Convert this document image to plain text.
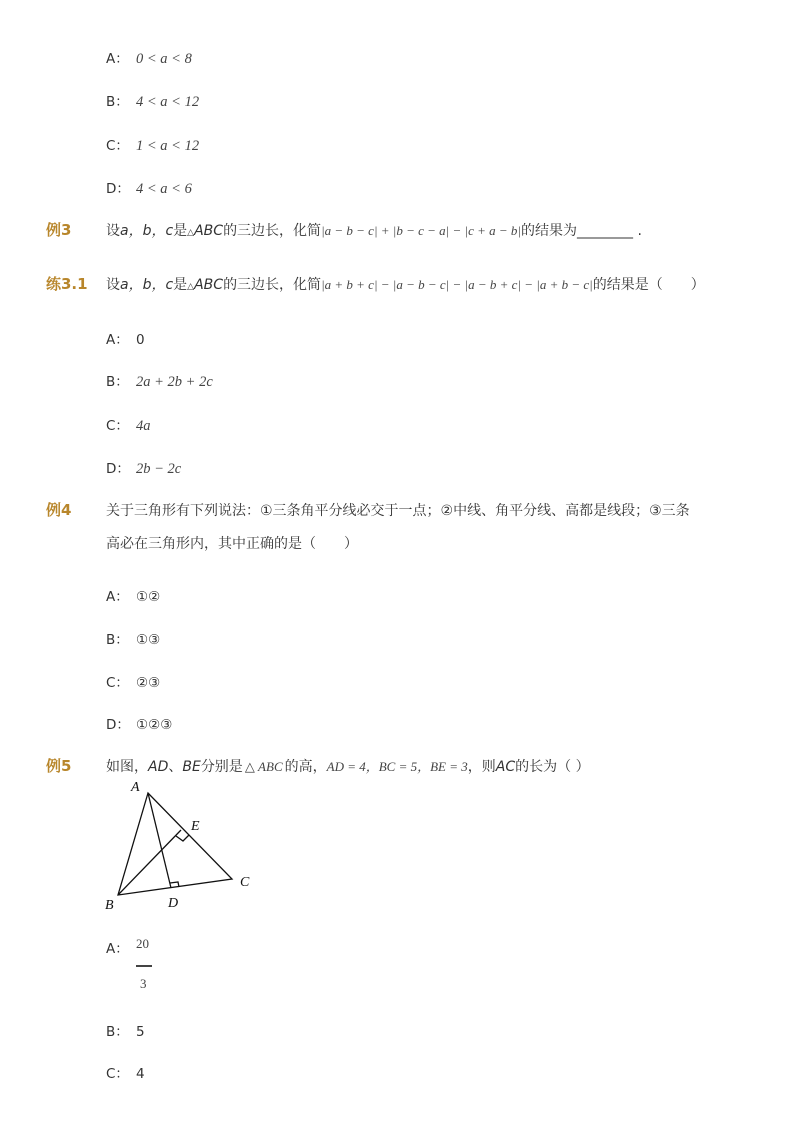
A： 0 < a < 8
B： 4 < a < 12
C： 1 < a < 12
D： 4 < a < 6
例3 设a，b，c是△ABC的三边长，化简|a − b − c| + |b − c − a| − |c + a − b|的结果为________ .
练3.1 设a，b，c是△ABC的三边长，化简|a + b + c| − |a − b − c| − |a − b + c| − |a + b − c|的结果是（　　）
A： 0
B： 2a + 2b + 2c
C： 4a
D： 2b − 2c
例4 关于三角形有下列说法：①三条角平分线必交于一点；②中线、角平分线、高都是线段；③三条
高必在三角形内，其中正确的是（　　）
A： ①②
B： ①③
C： ②③
D： ①②③
例5 如图，AD、BE分别是 △ ABC 的高，AD = 4，BC = 5，BE = 3，则AC的长为（ ）
A
E
C
B	D
A： 20
3
B： 5
C： 4
